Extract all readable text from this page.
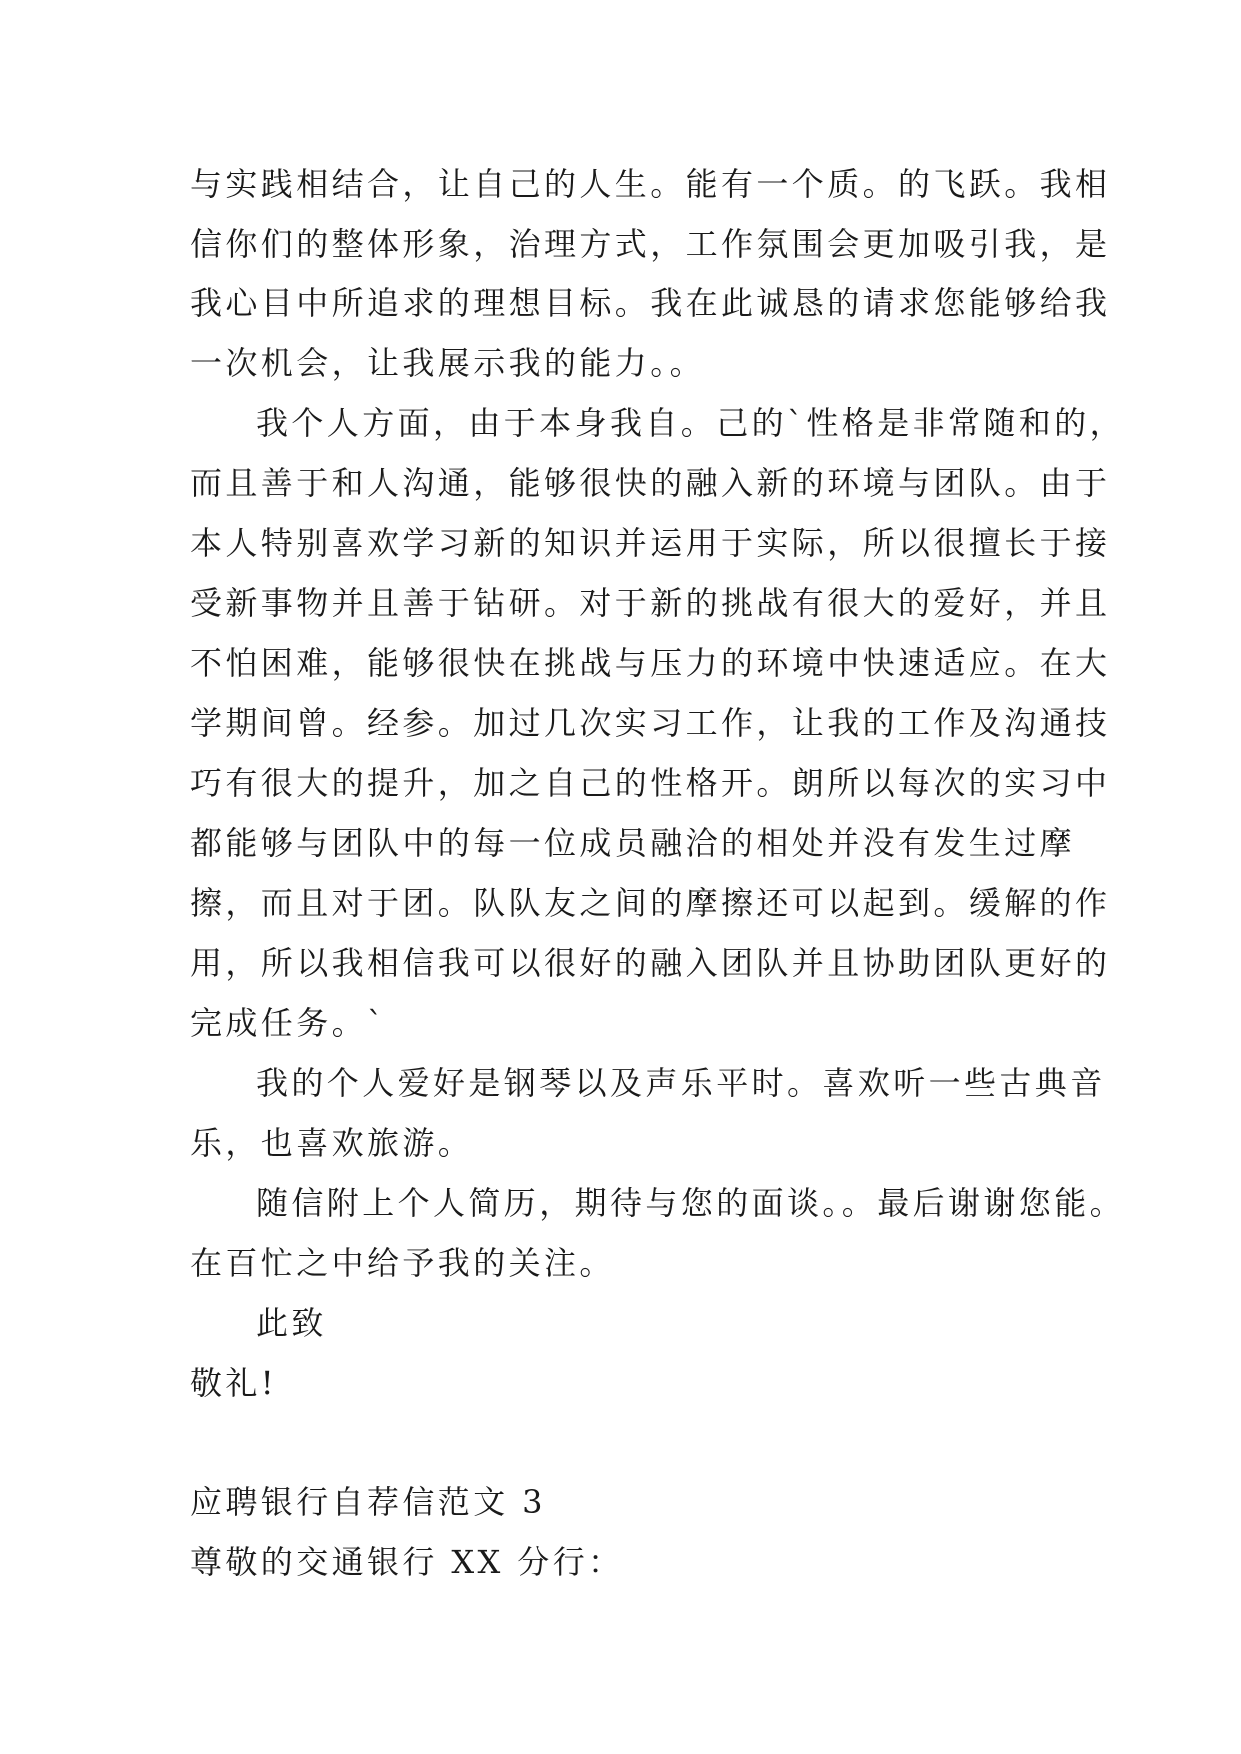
与实践相结合，让自己的人生。能有一个质。的飞跃。我相
信你们的整体形象，治理方式，工作氛围会更加吸引我，是
我心目中所追求的理想目标。我在此诚恳的请求您能够给我
一次机会，让我展示我的能力。。
我个人方面，由于本身我自。己的`性格是非常随和的，
而且善于和人沟通，能够很快的融入新的环境与团队。由于
本人特别喜欢学习新的知识并运用于实际，所以很擅长于接
受新事物并且善于钻研。对于新的挑战有很大的爱好，并且
不怕困难，能够很快在挑战与压力的环境中快速适应。在大
学期间曾。经参。加过几次实习工作，让我的工作及沟通技
巧有很大的提升，加之自己的性格开。朗所以每次的实习中
都能够与团队中的每一位成员融洽的相处并没有发生过摩
擦，而且对于团。队队友之间的摩擦还可以起到。缓解的作
用，所以我相信我可以很好的融入团队并且协助团队更好的
完成任务。`
我的个人爱好是钢琴以及声乐平时。喜欢听一些古典音
乐，也喜欢旅游。
随信附上个人简历，期待与您的面谈。。最后谢谢您能。
在百忙之中给予我的关注。
此致
敬礼!
应聘银行自荐信范文 3
尊敬的交通银行 XX 分行：
